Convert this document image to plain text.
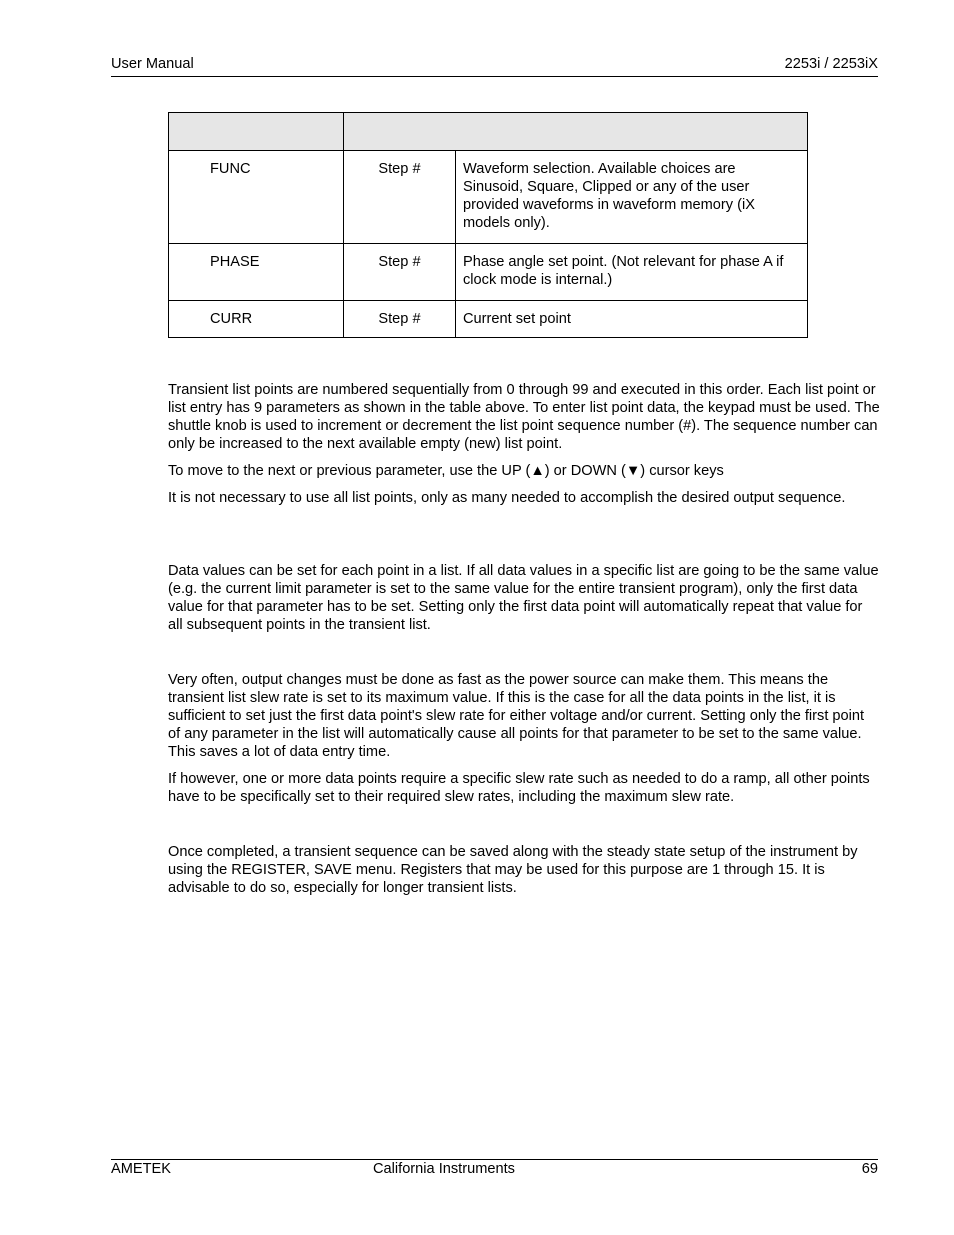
User Manual	2253i / 2253iX

FUNC	Step #	Waveform selection. Available choices are Sinusoid, Square, Clipped or any of the user provided waveforms in waveform memory (iX models only).
PHASE	Step #	Phase angle set point. (Not relevant for phase A if clock mode is internal.)
CURR	Step #	Current set point

Transient list points are numbered sequentially from 0 through 99 and executed in this order. Each list point or list entry has 9 parameters as shown in the table above. To enter list point data, the keypad must be used. The shuttle knob is used to increment or decrement the list point sequence number (#). The sequence number can only be increased to the next available empty (new) list point.

To move to the next or previous parameter, use the UP (▲) or DOWN (▼) cursor keys

It is not necessary to use all list points, only as many needed to accomplish the desired output sequence.

Data values can be set for each point in a list. If all data values in a specific list are going to be the same value (e.g. the current limit parameter is set to the same value for the entire transient program), only the first data value for that parameter has to be set. Setting only the first data point will automatically repeat that value for all subsequent points in the transient list.

Very often, output changes must be done as fast as the power source can make them. This means the transient list slew rate is set to its maximum value. If this is the case for all the data points in the list, it is sufficient to set just the first data point's slew rate for either voltage and/or current. Setting only the first point of any parameter in the list will automatically cause all points for that parameter to be set to the same value. This saves a lot of data entry time.

If however, one or more data points require a specific slew rate such as needed to do a ramp, all other points have to be specifically set to their required slew rates, including the maximum slew rate.

Once completed, a transient sequence can be saved along with the steady state setup of the instrument by using the REGISTER, SAVE menu. Registers that may be used for this purpose are 1 through 15. It is advisable to do so, especially for longer transient lists.

AMETEK	California Instruments	69
